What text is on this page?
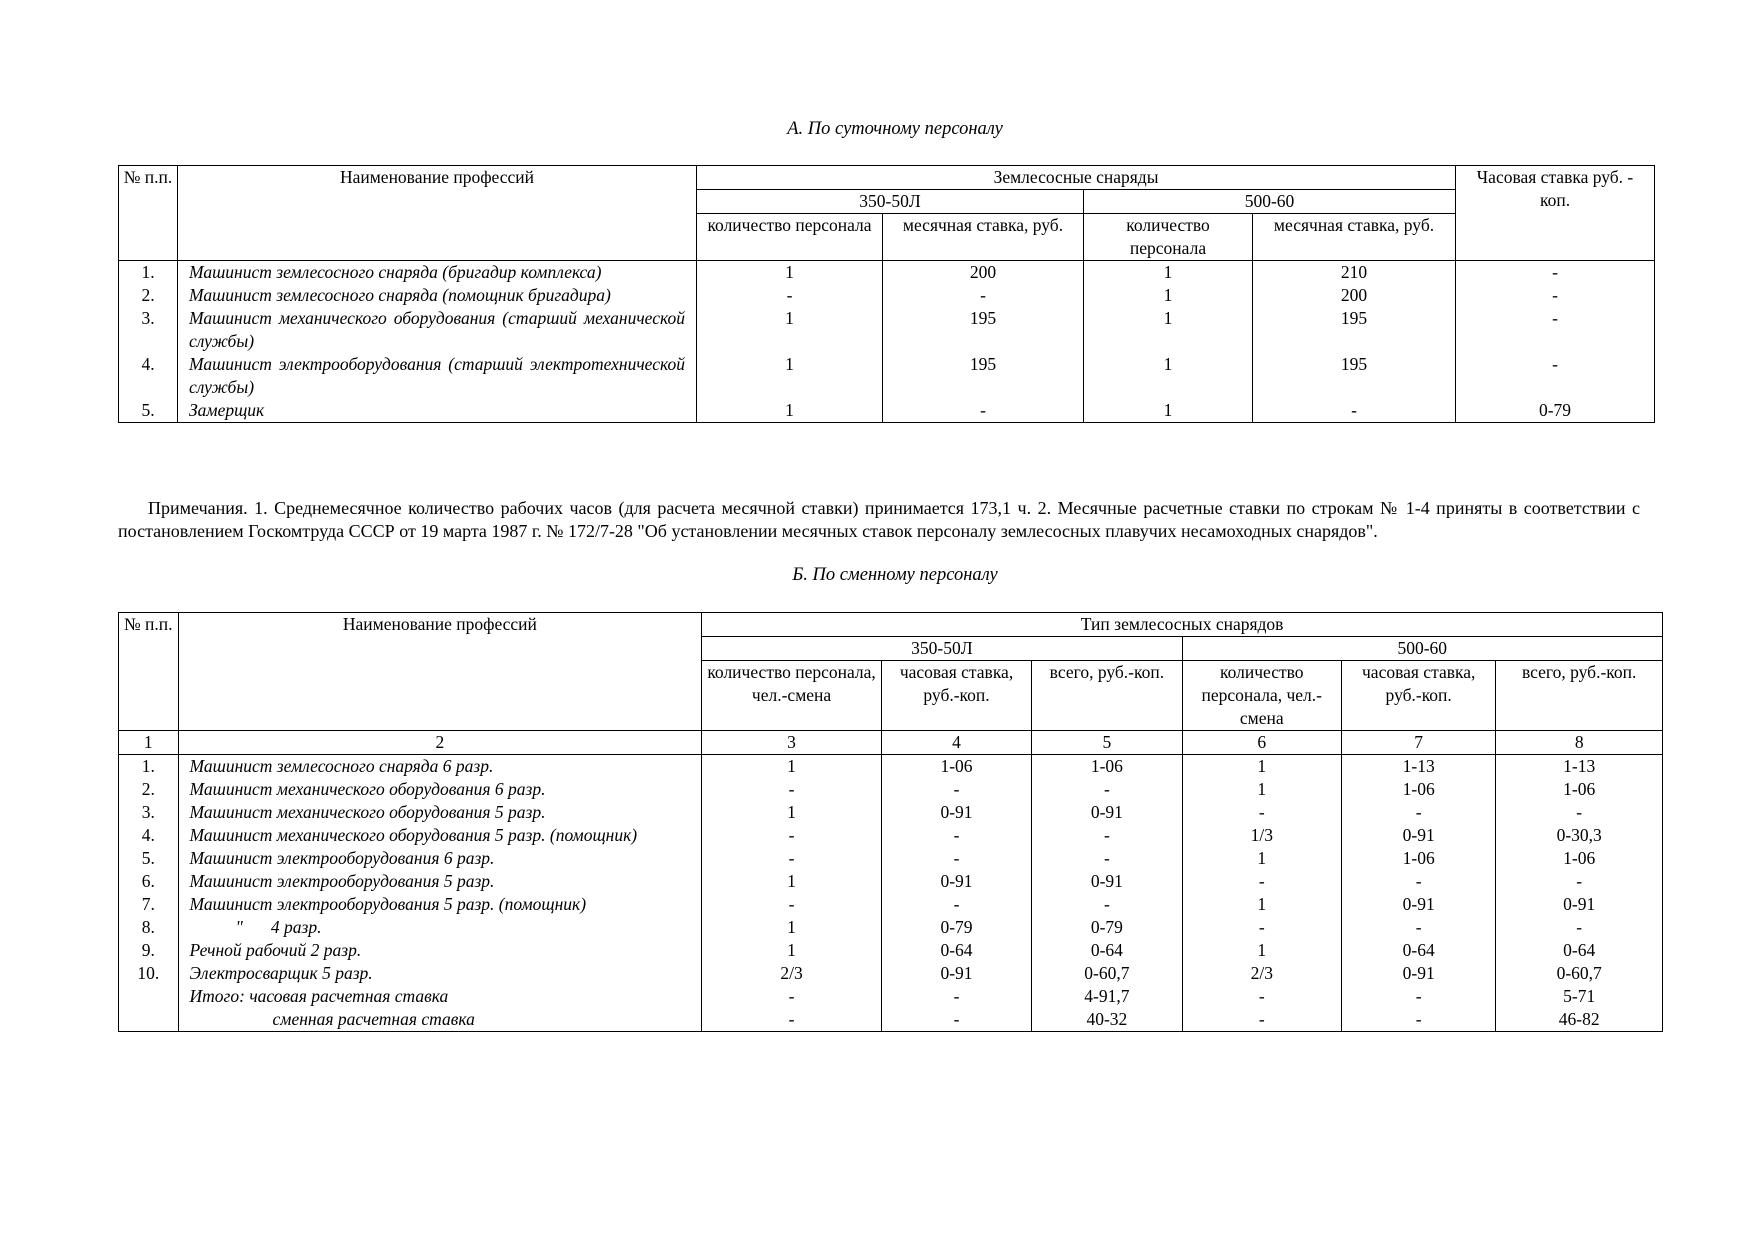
А. По суточному персоналу
№ п.п.	Наименование профессий	Землесосные снаряды				Часовая ставка руб. - коп.
		350-50Л		500-60		
		количество персонала	месячная ставка, руб.	количество персонала	месячная ставка, руб.	
1.	Машинист землесосного снаряда (бригадир комплекса)	1	200	1	210	-
2.	Машинист землесосного снаряда (помощник бригадира)	-	-	1	200	-
3.	Машинист механического оборудования (старший механической службы)	1	195	1	195	-
4.	Машинист электрооборудования (старший электротехнической службы)	1	195	1	195	-
5.	Замерщик	1	-	1	-	0-79
Примечания. 1. Среднемесячное количество рабочих часов (для расчета месячной ставки) принимается 173,1 ч. 2. Месячные расчетные ставки по строкам № 1-4 приняты в соответствии с постановлением Госкомтруда СССР от 19 марта 1987 г. № 172/7-28 "Об установлении месячных ставок персоналу землесосных плавучих несамоходных снарядов".
Б. По сменному персоналу
№ п.п.	Наименование профессий	Тип землесосных снарядов					
		350-50Л			500-60		
		количество персонала, чел.-смена	часовая ставка, руб.-коп.	всего, руб.-коп.	количество персонала, чел.-смена	часовая ставка, руб.-коп.	всего, руб.-коп.
1	2	3	4	5	6	7	8
1.	Машинист землесосного снаряда 6 разр.	1	1-06	1-06	1	1-13	1-13
2.	Машинист механического оборудования 6 разр.	-	-	-	1	1-06	1-06
3.	Машинист механического оборудования 5 разр.	1	0-91	0-91	-	-	-
4.	Машинист механического оборудования 5 разр. (помощник)	-	-	-	1/3	0-91	0-30,3
5.	Машинист электрооборудования 6 разр.	-	-	-	1	1-06	1-06
6.	Машинист электрооборудования 5 разр.	1	0-91	0-91	-	-	-
7.	Машинист электрооборудования 5 разр. (помощник)	-	-	-	1	0-91	0-91
8.	" 4 разр.	1	0-79	0-79	-	-	-
9.	Речной рабочий 2 разр.	1	0-64	0-64	1	0-64	0-64
10.	Электросварщик 5 разр.	2/3	0-91	0-60,7	2/3	0-91	0-60,7
	Итого: часовая расчетная ставка	-	-	4-91,7	-	-	5-71
	сменная расчетная ставка	-	-	40-32	-	-	46-82
